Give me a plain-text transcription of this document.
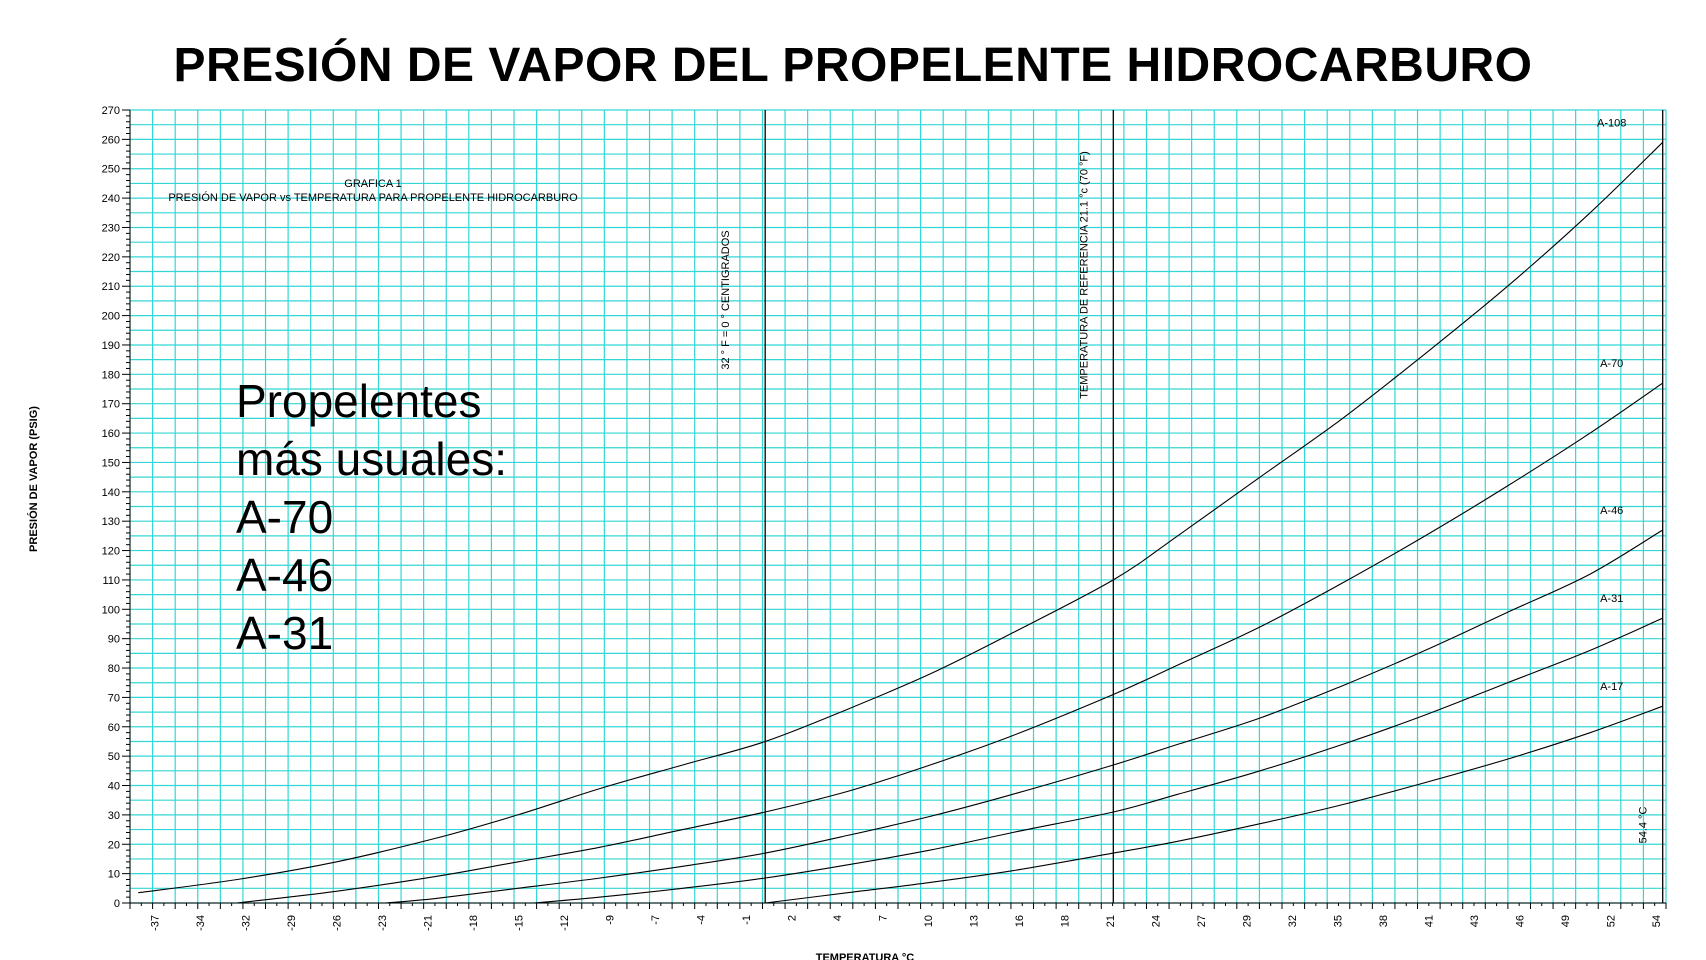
PRESIÓN DE VAPOR DEL PROPELENTE HIDROCARBURO
0
10
20
30
40
50
60
70
80
90
100
110
120
130
140
150
160
170
180
190
200
210
220
230
240
250
260
270
-37	-34	-32	-29	-26	-23	-21	-18	-15	-12	-9	-7	-4	-1	2	4	7	10	13	16	18	21	24	27	29	32	35	38	41	43	46	49	52	54
32 ° F = 0 ° CENTIGRADOS	TEMPERATURA DE REFERENCIA 21.1 °c (70 °F)
54.4 °C
A-108
A-70
A-46
A-31
A-17
GRAFICA 1
PRESIÓN DE VAPOR vs TEMPERATURA PARA PROPELENTE HIDROCARBURO
PRESIÓN DE VAPOR (PSIG)
TEMPERATURA °C
Propelentes
más usuales:
A-70
A-46
A-31
